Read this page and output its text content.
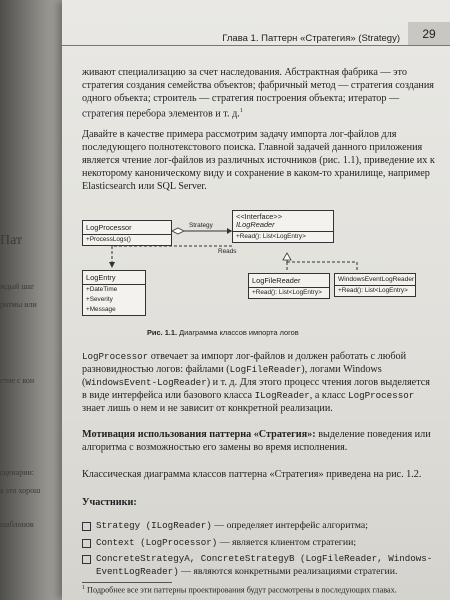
ждый шаг
ритмы или
стне с кон
сценарии:
а это хорош
шаблонов
Пат
Глава 1. Паттерн «Стратегия» (Strategy)	29

живают специализацию за счет наследования. Абстрактная фабрика — это стратегия создания семейства объектов; фабричный метод — стратегия создания одного объекта; строитель — стратегия построения объекта; итератор — стратегия перебора элементов и т. д.$^1$

Давайте в качестве примера рассмотрим задачу импорта лог-файлов для последующего полнотекстового поиска. Главной задачей данного приложения является чтение лог-файлов из различных источников (рис. 1.1), приведение их к некоторому каноническому виду и сохранение в каком-то хранилище, например Elasticsearch или SQL Server.

LogProcessor
+ProcessLogs()
Strategy
Reads
<<Interface>>
ILogReader
+Read(): List<LogEntry>
LogEntry
+DateTime
+Severity
+Message
LogFileReader
+Read(): List<LogEntry>
WindowsEventLogReader
+Read(): List<LogEntry>
Рис. 1.1. Диаграмма классов импорта логов

LogProcessor отвечает за импорт лог-файлов и должен работать с любой разновидностью логов: файлами (LogFileReader), логами Windows (WindowsEvent-LogReader) и т. д. Для этого процесс чтения логов выделяется в виде интерфейса или базового класса ILogReader, а класс LogProcessor знает лишь о нем и не зависит от конкретной реализации.

Мотивация использования паттерна «Стратегия»: выделение поведения или алгоритма с возможностью его замены во время исполнения.

Классическая диаграмма классов паттерна «Стратегия» приведена на рис. 1.2.

Участники:

Strategy (ILogReader) — определяет интерфейс алгоритма;
Context (LogProcessor) — является клиентом стратегии;
ConcreteStrategyA, ConcreteStrategyB (LogFileReader, Windows-EventLogReader) — являются конкретными реализациями стратегии.
$^1$ Подробнее все эти паттерны проектирования будут рассмотрены в последующих главах.
